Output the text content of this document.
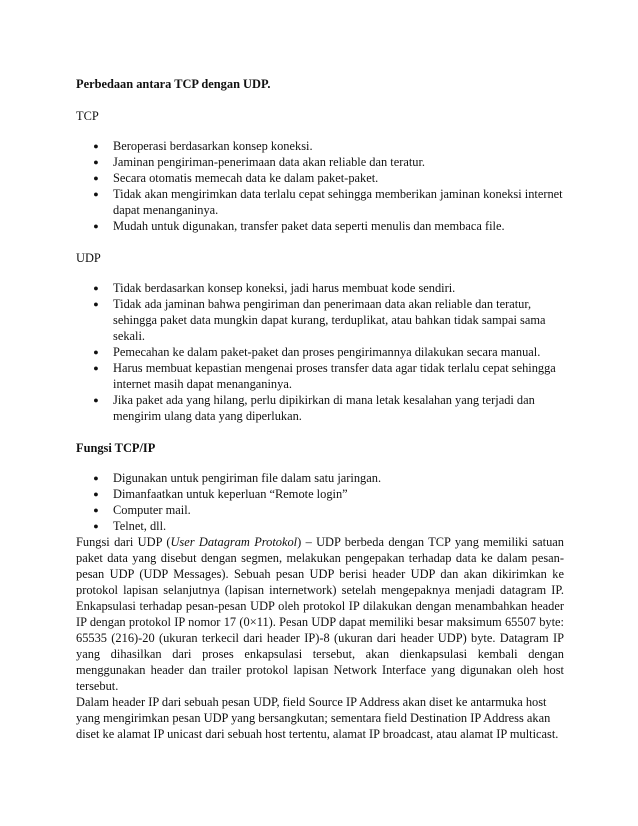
Perbedaan antara TCP dengan UDP.

TCP

● Beroperasi berdasarkan konsep koneksi.
● Jaminan pengiriman-penerimaan data akan reliable dan teratur.
● Secara otomatis memecah data ke dalam paket-paket.
● Tidak akan mengirimkan data terlalu cepat sehingga memberikan jaminan koneksi internet dapat menanganinya.
● Mudah untuk digunakan, transfer paket data seperti menulis dan membaca file.

UDP

● Tidak berdasarkan konsep koneksi, jadi harus membuat kode sendiri.
● Tidak ada jaminan bahwa pengiriman dan penerimaan data akan reliable dan teratur, sehingga paket data mungkin dapat kurang, terduplikat, atau bahkan tidak sampai sama sekali.
● Pemecahan ke dalam paket-paket dan proses pengirimannya dilakukan secara manual.
● Harus membuat kepastian mengenai proses transfer data agar tidak terlalu cepat sehingga internet masih dapat menanganinya.
● Jika paket ada yang hilang, perlu dipikirkan di mana letak kesalahan yang terjadi dan mengirim ulang data yang diperlukan.

Fungsi TCP/IP

● Digunakan untuk pengiriman file dalam satu jaringan.
● Dimanfaatkan untuk keperluan “Remote login”
● Computer mail.
● Telnet, dll.

Fungsi dari UDP (User Datagram Protokol) – UDP berbeda dengan TCP yang memiliki satuan paket data yang disebut dengan segmen, melakukan pengepakan terhadap data ke dalam pesan-pesan UDP (UDP Messages). Sebuah pesan UDP berisi header UDP dan akan dikirimkan ke protokol lapisan selanjutnya (lapisan internetwork) setelah mengepaknya menjadi datagram IP. Enkapsulasi terhadap pesan-pesan UDP oleh protokol IP dilakukan dengan menambahkan header IP dengan protokol IP nomor 17 (0×11). Pesan UDP dapat memiliki besar maksimum 65507 byte: 65535 (216)-20 (ukuran terkecil dari header IP)-8 (ukuran dari header UDP) byte. Datagram IP yang dihasilkan dari proses enkapsulasi tersebut, akan dienkapsulasi kembali dengan menggunakan header dan trailer protokol lapisan Network Interface yang digunakan oleh host tersebut.

Dalam header IP dari sebuah pesan UDP, field Source IP Address akan diset ke antarmuka host yang mengirimkan pesan UDP yang bersangkutan; sementara field Destination IP Address akan diset ke alamat IP unicast dari sebuah host tertentu, alamat IP broadcast, atau alamat IP multicast.
